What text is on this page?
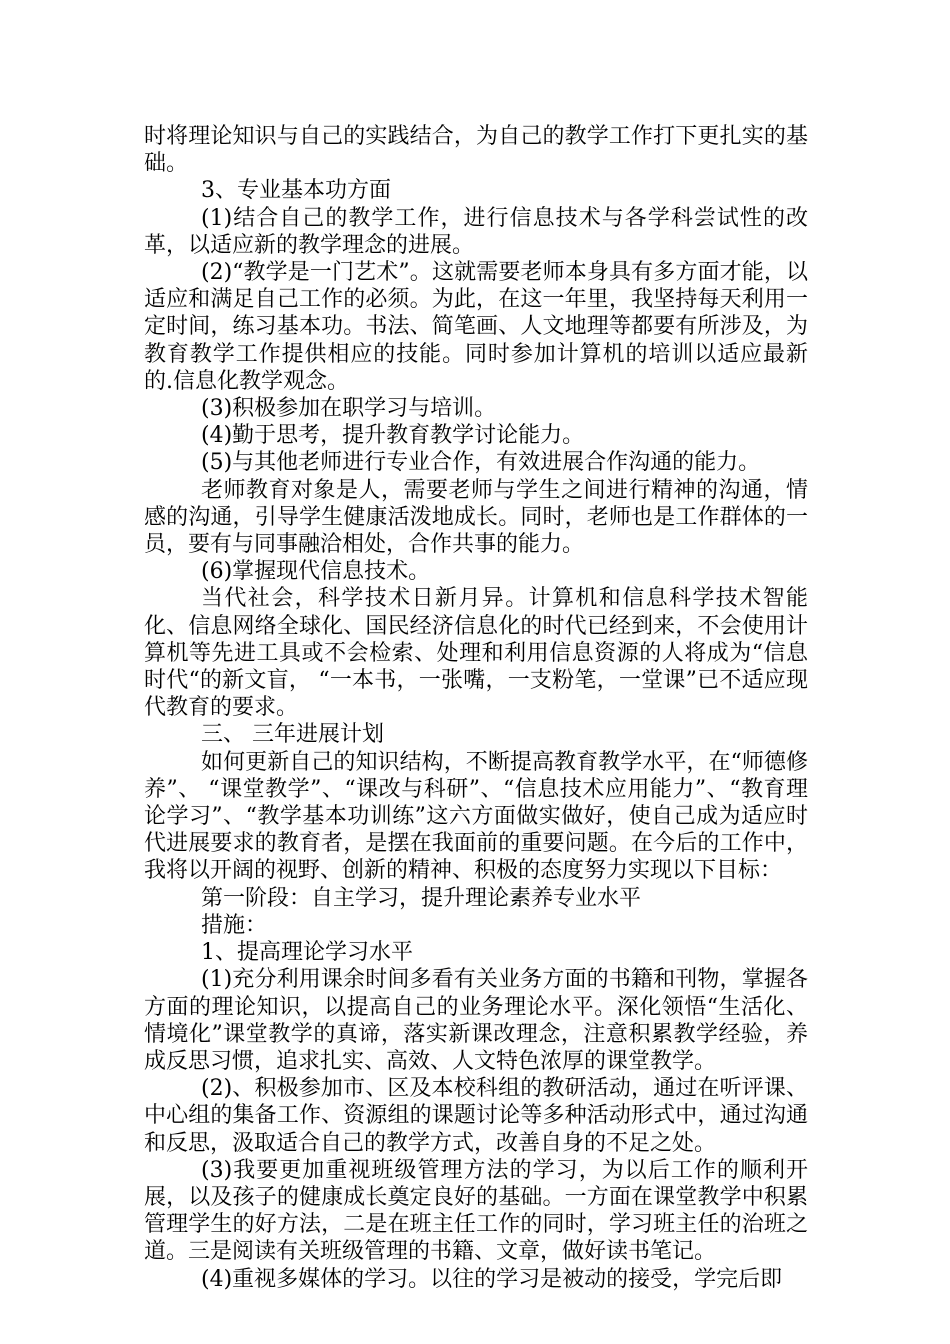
时将理论知识与自己的实践结合，为自己的教学工作打下更扎实的基础。

3、专业基本功方面

(1)结合自己的教学工作，进行信息技术与各学科尝试性的改革，以适应新的教学理念的进展。

(2)“教学是一门艺术”。这就需要老师本身具有多方面才能，以适应和满足自己工作的必须。为此，在这一年里，我坚持每天利用一定时间，练习基本功。书法、简笔画、人文地理等都要有所涉及，为教育教学工作提供相应的技能。同时参加计算机的培训以适应最新的.信息化教学观念。

(3)积极参加在职学习与培训。

(4)勤于思考，提升教育教学讨论能力。

(5)与其他老师进行专业合作，有效进展合作沟通的能力。

老师教育对象是人，需要老师与学生之间进行精神的沟通，情感的沟通，引导学生健康活泼地成长。同时，老师也是工作群体的一员，要有与同事融洽相处，合作共事的能力。

(6)掌握现代信息技术。

当代社会，科学技术日新月异。计算机和信息科学技术智能化、信息网络全球化、国民经济信息化的时代已经到来，不会使用计算机等先进工具或不会检索、处理和利用信息资源的人将成为“信息时代“的新文盲， “一本书，一张嘴，一支粉笔，一堂课”已不适应现代教育的要求。

三、 三年进展计划

如何更新自己的知识结构，不断提高教育教学水平，在“师德修养”、 “课堂教学”、“课改与科研”、“信息技术应用能力”、“教育理论学习”、“教学基本功训练”这六方面做实做好，使自己成为适应时代进展要求的教育者，是摆在我面前的重要问题。在今后的工作中，我将以开阔的视野、创新的精神、积极的态度努力实现以下目标：

第一阶段：自主学习，提升理论素养专业水平

措施：

1、提高理论学习水平

(1)充分利用课余时间多看有关业务方面的书籍和刊物，掌握各方面的理论知识，以提高自己的业务理论水平。深化领悟“生活化、情境化”课堂教学的真谛，落实新课改理念，注意积累教学经验，养成反思习惯，追求扎实、高效、人文特色浓厚的课堂教学。

(2)、积极参加市、区及本校科组的教研活动，通过在听评课、中心组的集备工作、资源组的课题讨论等多种活动形式中，通过沟通和反思，汲取适合自己的教学方式，改善自身的不足之处。

(3)我要更加重视班级管理方法的学习，为以后工作的顺利开展，以及孩子的健康成长奠定良好的基础。一方面在课堂教学中积累管理学生的好方法，二是在班主任工作的同时，学习班主任的治班之道。三是阅读有关班级管理的书籍、文章，做好读书笔记。

(4)重视多媒体的学习。以往的学习是被动的接受，学完后即
